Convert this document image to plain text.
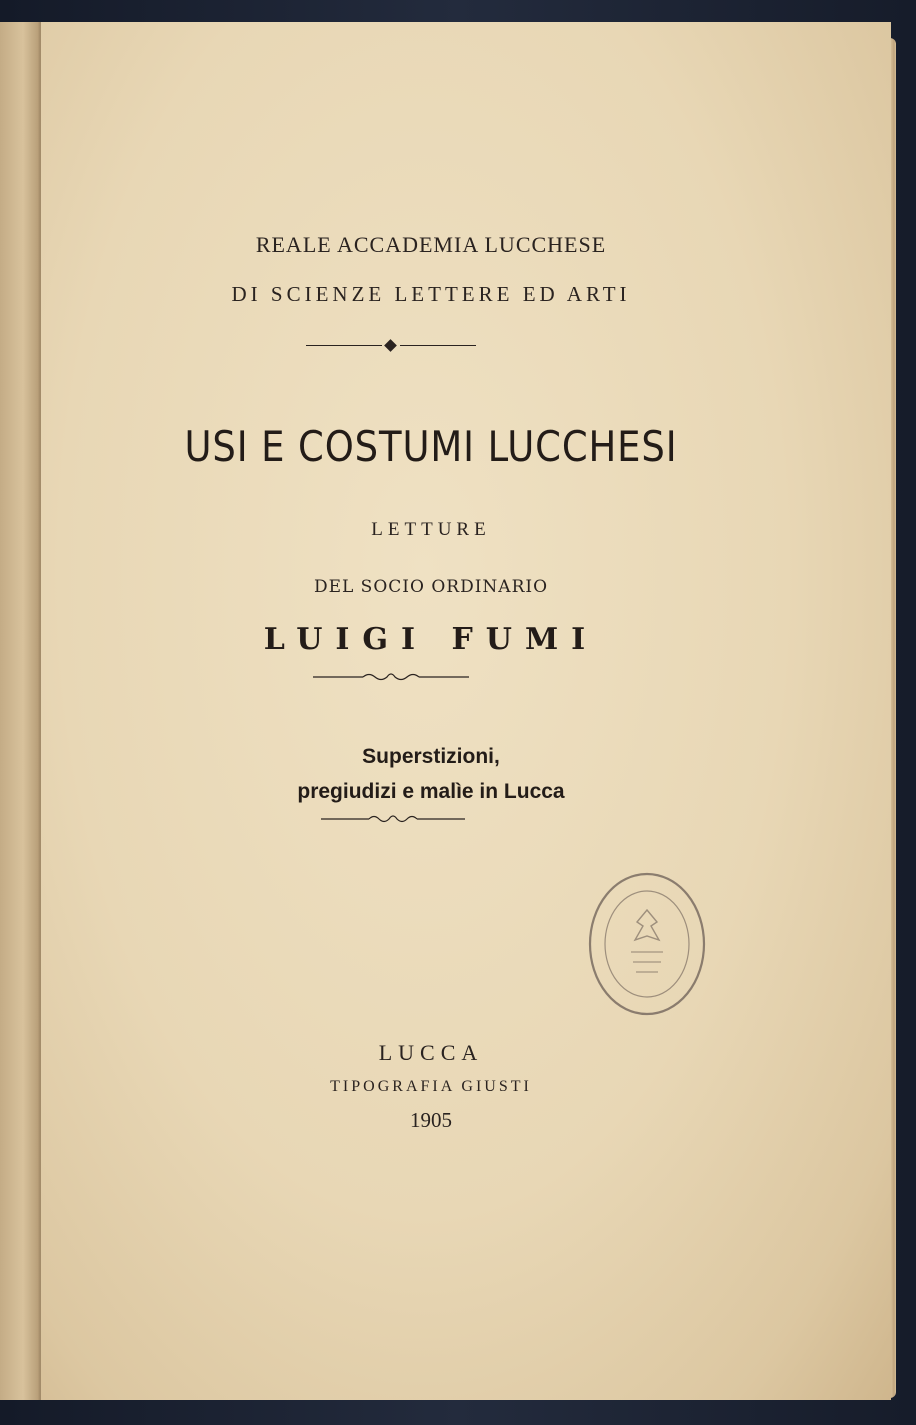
REALE ACCADEMIA LUCCHESE
DI SCIENZE LETTERE ED ARTI
USI E COSTUMI LUCCHESI
LETTURE
DEL SOCIO ORDINARIO
LUIGI FUMI
Superstizioni,
pregiudizi e malìe in Lucca
LUCCA
TIPOGRAFIA GIUSTI
1905
